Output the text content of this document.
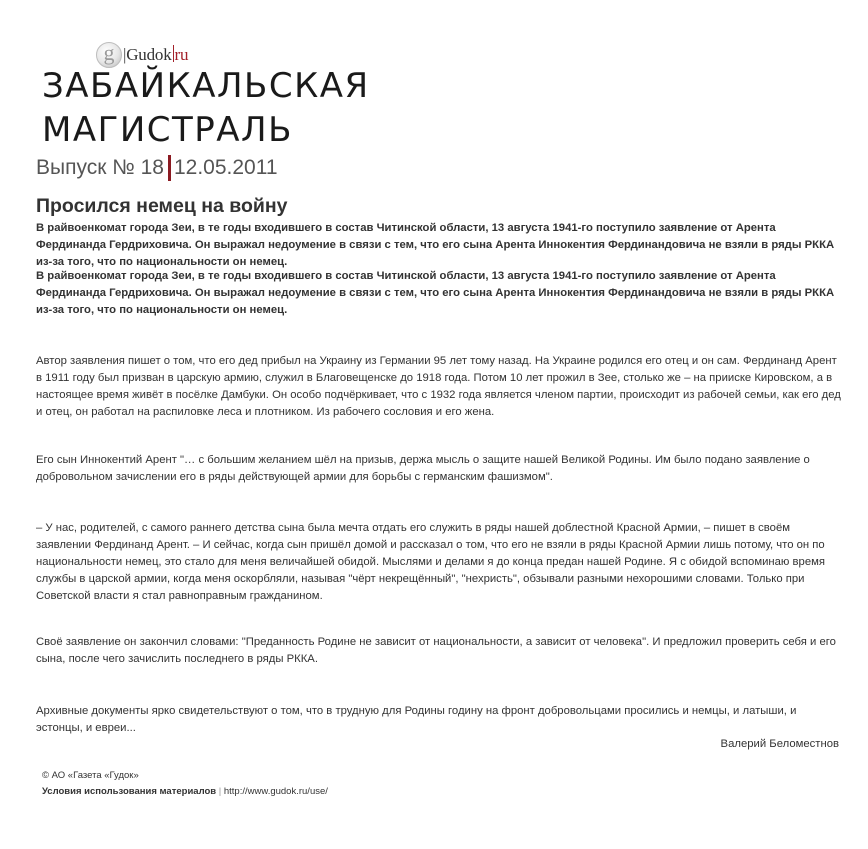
g |Gudok ru
ЗАБАЙКАЛЬСКАЯ
МАГИСТРАЛЬ
Выпуск № 18 12.05.2011
Просился немец на войну

В райвоенкомат города Зеи, в те годы входившего в состав Читинской области, 13 августа 1941-го поступило заявление от Арента Фердинанда Гердриховича. Он выражал недоумение в связи с тем, что его сына Арента Иннокентия Фердинандовича не взяли в ряды РККА из-за того, что по национальности он немец.

В райвоенкомат города Зеи, в те годы входившего в состав Читинской области, 13 августа 1941-го поступило заявление от Арента Фердинанда Гердриховича. Он выражал недоумение в связи с тем, что его сына Арента Иннокентия Фердинандовича не взяли в ряды РККА из-за того, что по национальности он немец.

Автор заявления пишет о том, что его дед прибыл на Украину из Германии 95 лет тому назад. На Украине родился его отец и он сам. Фердинанд Арент в 1911 году был призван в царскую армию, служил в Благовещенске до 1918 года. Потом 10 лет прожил в Зее, столько же – на прииске Кировском, а в настоящее время живёт в посёлке Дамбуки. Он особо подчёркивает, что с 1932 года является членом партии, происходит из рабочей семьи, как его дед и отец, он работал на распиловке леса и плотником. Из рабочего сословия и его жена.

Его сын Иннокентий Арент "… с большим желанием шёл на призыв, держа мысль о защите нашей Великой Родины. Им было подано заявление о добровольном зачислении его в ряды действующей армии для борьбы с германским фашизмом".

– У нас, родителей, с самого раннего детства сына была мечта отдать его служить в ряды нашей доблестной Красной Армии, – пишет в своём заявлении Фердинанд Арент. – И сейчас, когда сын пришёл домой и рассказал о том, что его не взяли в ряды Красной Армии лишь потому, что он по национальности немец, это стало для меня величайшей обидой. Мыслями и делами я до конца предан нашей Родине. Я с обидой вспоминаю время службы в царской армии, когда меня оскорбляли, называя "чёрт некрещённый", "нехристь", обзывали разными нехорошими словами. Только при Советской власти я стал равноправным гражданином.

Своё заявление он закончил словами: "Преданность Родине не зависит от национальности, а зависит от человека". И предложил проверить себя и его сына, после чего зачислить последнего в ряды РККА.

Архивные документы ярко свидетельствуют о том, что в трудную для Родины годину на фронт добровольцами просились и немцы, и латыши, и эстонцы, и евреи...

Валерий Беломестнов
© АО «Газета «Гудок»
Условия использования материалов | http://www.gudok.ru/use/
